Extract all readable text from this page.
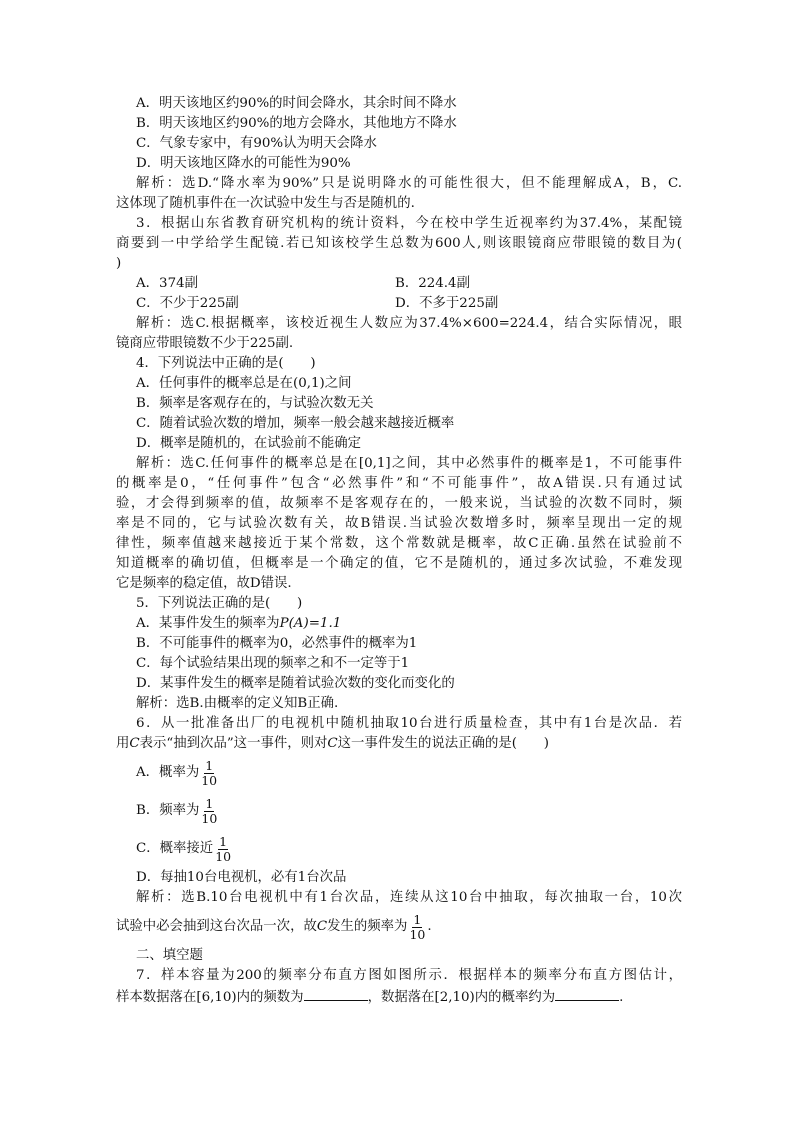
A．明天该地区约90%的时间会降水，其余时间不降水
B．明天该地区约90%的地方会降水，其他地方不降水
C．气象专家中，有90%认为明天会降水
D．明天该地区降水的可能性为90%
解析：选D.“降水率为90%”只是说明降水的可能性很大，但不能理解成A，B，C.
这体现了随机事件在一次试验中发生与否是随机的.
3．根据山东省教育研究机构的统计资料，今在校中学生近视率约为37.4%，某配镜
商要到一中学给学生配镜.若已知该校学生总数为600人,则该眼镜商应带眼镜的数目为(
)
A．374副	B．224.4副
C．不少于225副	D．不多于225副
解析：选C.根据概率，该校近视生人数应为37.4%×600=224.4，结合实际情况，眼
镜商应带眼镜数不少于225副.
4．下列说法中正确的是(　　)
A．任何事件的概率总是在(0,1)之间
B．频率是客观存在的，与试验次数无关
C．随着试验次数的增加，频率一般会越来越接近概率
D．概率是随机的，在试验前不能确定
解析：选C.任何事件的概率总是在[0,1]之间，其中必然事件的概率是1，不可能事件
的概率是0，“任何事件”包含“必然事件”和“不可能事件”，故A错误.只有通过试
验，才会得到频率的值，故频率不是客观存在的，一般来说，当试验的次数不同时，频
率是不同的，它与试验次数有关，故B错误.当试验次数增多时，频率呈现出一定的规
律性，频率值越来越接近于某个常数，这个常数就是概率，故C正确.虽然在试验前不
知道概率的确切值，但概率是一个确定的值，它不是随机的，通过多次试验，不难发现
它是频率的稳定值，故D错误.
5．下列说法正确的是(　　)
A．某事件发生的频率为P(A)=1.1
B．不可能事件的概率为0，必然事件的概率为1
C．每个试验结果出现的频率之和不一定等于1
D．某事件发生的概率是随着试验次数的变化而变化的
解析：选B.由概率的定义知B正确.
6．从一批准备出厂的电视机中随机抽取10台进行质量检查，其中有1台是次品．若
用C表示“抽到次品”这一事件，则对C这一事件发生的说法正确的是(　　)
A．概率为 $\frac{1}{10}$
B．频率为 $\frac{1}{10}$
C．概率接近 $\frac{1}{10}$
D．每抽10台电视机，必有1台次品
解析：选B.10台电视机中有1台次品，连续从这10台中抽取，每次抽取一台，10次
试验中必会抽到这台次品一次，故 C 发生的频率为 $\frac{1}{10}$ .
二、填空题
7．样本容量为200的频率分布直方图如图所示．根据样本的频率分布直方图估计，
样本数据落在[6,10)内的频数为	，数据落在[2,10)内的概率约为	.
